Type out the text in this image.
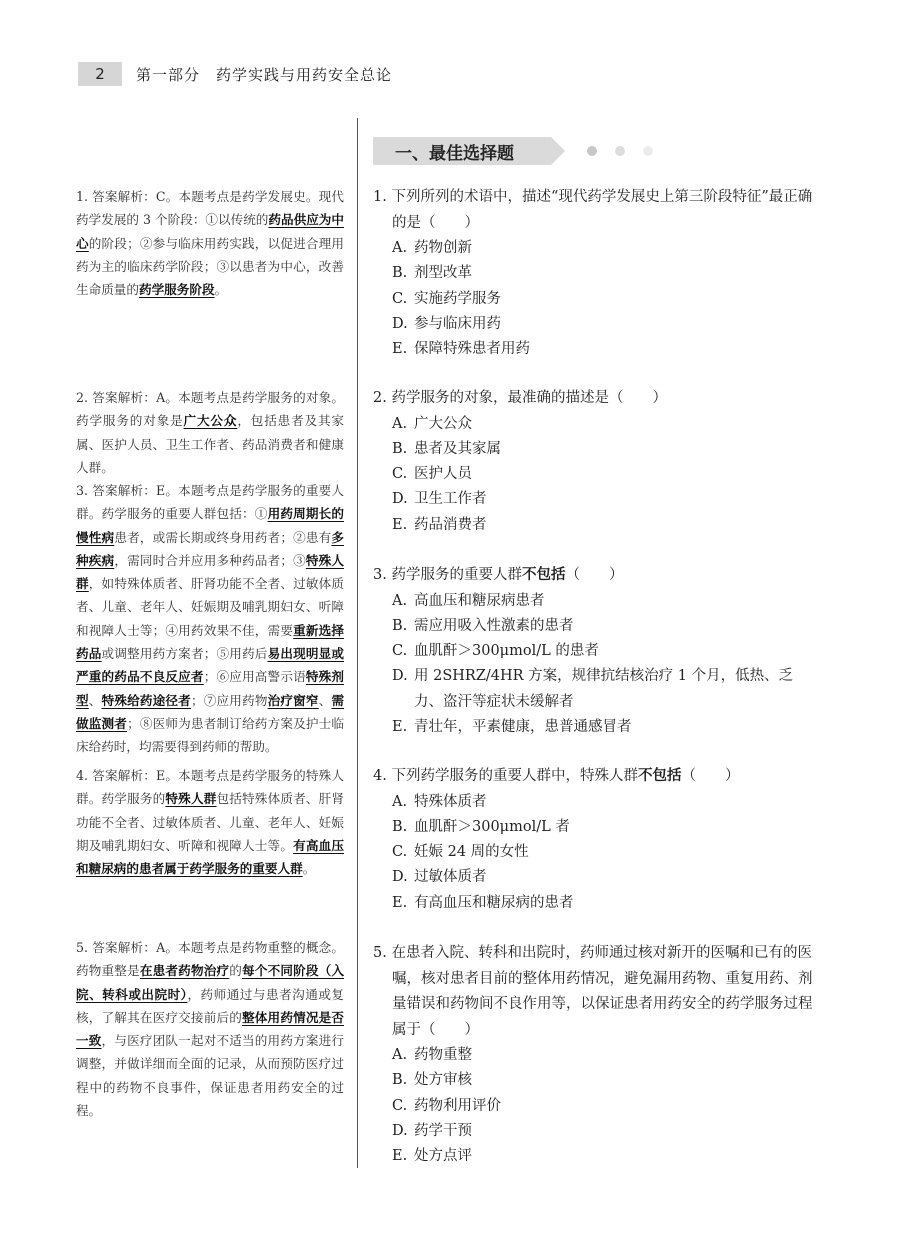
2	第一部分　药学实践与用药安全总论
一、最佳选择题

1. 答案解析：C。本题考点是药学发展史。现代药学发展的 3 个阶段：①以传统的药品供应为中心的阶段；②参与临床用药实践，以促进合理用药为主的临床药学阶段；③以患者为中心，改善生命质量的药学服务阶段。

2. 答案解析：A。本题考点是药学服务的对象。药学服务的对象是广大公众，包括患者及其家属、医护人员、卫生工作者、药品消费者和健康人群。

3. 答案解析：E。本题考点是药学服务的重要人群。药学服务的重要人群包括：①用药周期长的慢性病患者，或需长期或终身用药者；②患有多种疾病，需同时合并应用多种药品者；③特殊人群，如特殊体质者、肝肾功能不全者、过敏体质者、儿童、老年人、妊娠期及哺乳期妇女、听障和视障人士等；④用药效果不佳，需要重新选择药品或调整用药方案者；⑤用药后易出现明显或严重的药品不良反应者；⑥应用高警示语特殊剂型、特殊给药途径者；⑦应用药物治疗窗窄、需做监测者；⑧医师为患者制订给药方案及护士临床给药时，均需要得到药师的帮助。

4. 答案解析：E。本题考点是药学服务的特殊人群。药学服务的特殊人群包括特殊体质者、肝肾功能不全者、过敏体质者、儿童、老年人、妊娠期及哺乳期妇女、听障和视障人士等。有高血压和糖尿病的患者属于药学服务的重要人群。

5. 答案解析：A。本题考点是药物重整的概念。药物重整是在患者药物治疗的每个不同阶段（入院、转科或出院时），药师通过与患者沟通或复核，了解其在医疗交接前后的整体用药情况是否一致，与医疗团队一起对不适当的用药方案进行调整，并做详细而全面的记录，从而预防医疗过程中的药物不良事件，保证患者用药安全的过程。

1. 下列所列的术语中，描述“现代药学发展史上第三阶段特征”最正确的是（　　）
A. 药物创新
B. 剂型改革
C. 实施药学服务
D. 参与临床用药
E. 保障特殊患者用药
2. 药学服务的对象，最准确的描述是（　　）
A. 广大公众
B. 患者及其家属
C. 医护人员
D. 卫生工作者
E. 药品消费者
3. 药学服务的重要人群不包括（　　）
A. 高血压和糖尿病患者
B. 需应用吸入性激素的患者
C. 血肌酐＞300μmol/L 的患者
D. 用 2SHRZ/4HR 方案，规律抗结核治疗 1 个月，低热、乏力、盗汗等症状未缓解者
E. 青壮年，平素健康，患普通感冒者
4. 下列药学服务的重要人群中，特殊人群不包括（　　）
A. 特殊体质者
B. 血肌酐＞300μmol/L 者
C. 妊娠 24 周的女性
D. 过敏体质者
E. 有高血压和糖尿病的患者
5. 在患者入院、转科和出院时，药师通过核对新开的医嘱和已有的医嘱，核对患者目前的整体用药情况，避免漏用药物、重复用药、剂量错误和药物间不良作用等，以保证患者用药安全的药学服务过程属于（　　）
A. 药物重整
B. 处方审核
C. 药物利用评价
D. 药学干预
E. 处方点评
